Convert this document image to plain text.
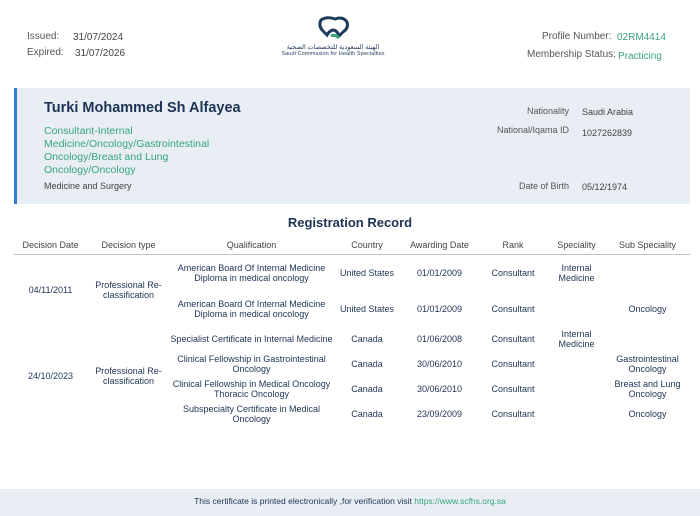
Issued: 31/07/2024
Expired: 31/07/2026
الهيئة السعودية للتخصصات الصحية
Saudi Commission for Health Specialties
Profile Number: 02RM4414
Membership Status: Practicing
Turki Mohammed Sh Alfayea
Consultant-Internal Medicine/Oncology/Gastrointestinal Oncology/Breast and Lung Oncology/Oncology
Medicine and Surgery
Nationality Saudi Arabia
National/Iqama ID 1027262839
Date of Birth 05/12/1974
Registration Record
Decision Date	Decision type	Qualification	Country	Awarding Date	Rank	Speciality	Sub Speciality
04/11/2011	Professional Re-classification	American Board Of Internal Medicine Diploma in medical oncology	United States	01/01/2009	Consultant	Internal Medicine	
		American Board Of Internal Medicine Diploma in medical oncology	United States	01/01/2009	Consultant		Oncology
24/10/2023	Professional Re-classification	Specialist Certificate in Internal Medicine	Canada	01/06/2008	Consultant	Internal Medicine	
		Clinical Fellowship in Gastrointestinal Oncology	Canada	30/06/2010	Consultant		Gastrointestinal Oncology
		Clinical Fellowship in Medical Oncology Thoracic Oncology	Canada	30/06/2010	Consultant		Breast and Lung Oncology
		Subspecialty Certificate in Medical Oncology	Canada	23/09/2009	Consultant		Oncology
This certificate is printed electronically ,for verification visit https://www.scfhs.org.sa
